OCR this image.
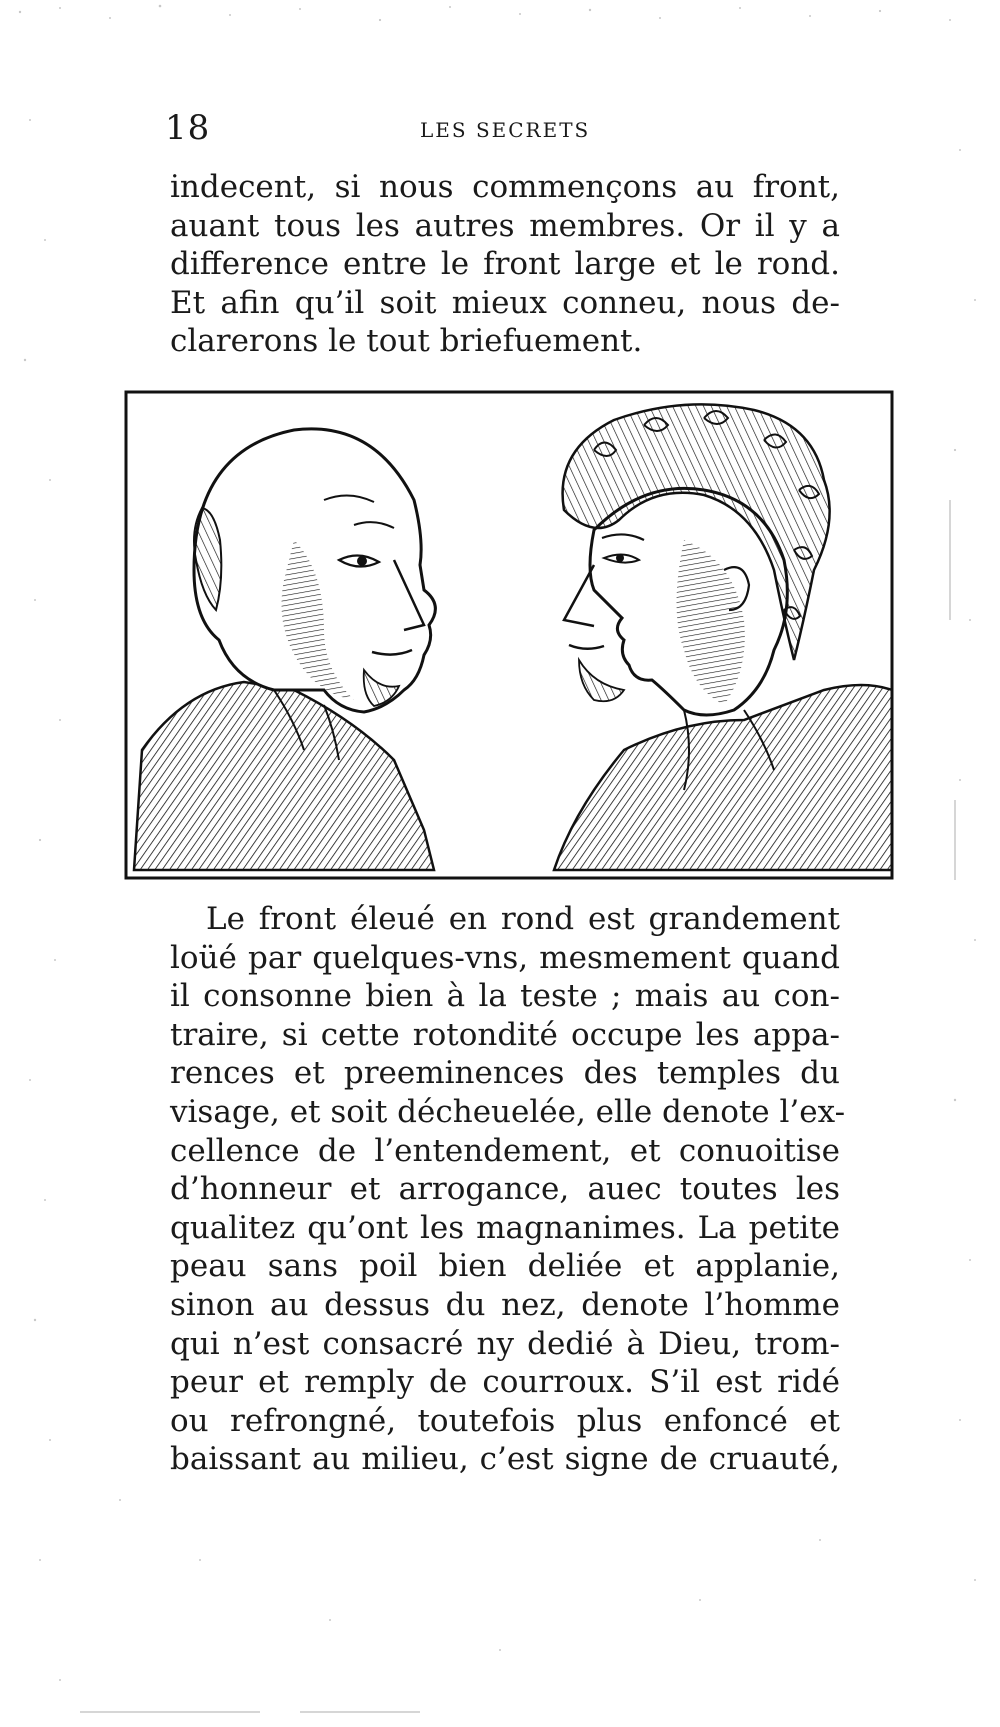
18	LES SECRETS
indecent, si nous commençons au front,
auant tous les autres membres. Or il y a
difference entre le front large et le rond.
Et afin qu’il soit mieux conneu, nous de-
clarerons le tout briefuement.
Le front éleué en rond est grandement
loüé par quelques-vns, mesmement quand
il consonne bien à la teste ; mais au con-
traire, si cette rotondité occupe les appa-
rences et preeminences des temples du
visage, et soit décheuelée, elle denote l’ex-
cellence de l’entendement, et conuoitise
d’honneur et arrogance, auec toutes les
qualitez qu’ont les magnanimes. La petite
peau sans poil bien deliée et applanie,
sinon au dessus du nez, denote l’homme
qui n’est consacré ny dedié à Dieu, trom-
peur et remply de courroux. S’il est ridé
ou refrongné, toutefois plus enfoncé et
baissant au milieu, c’est signe de cruauté,
